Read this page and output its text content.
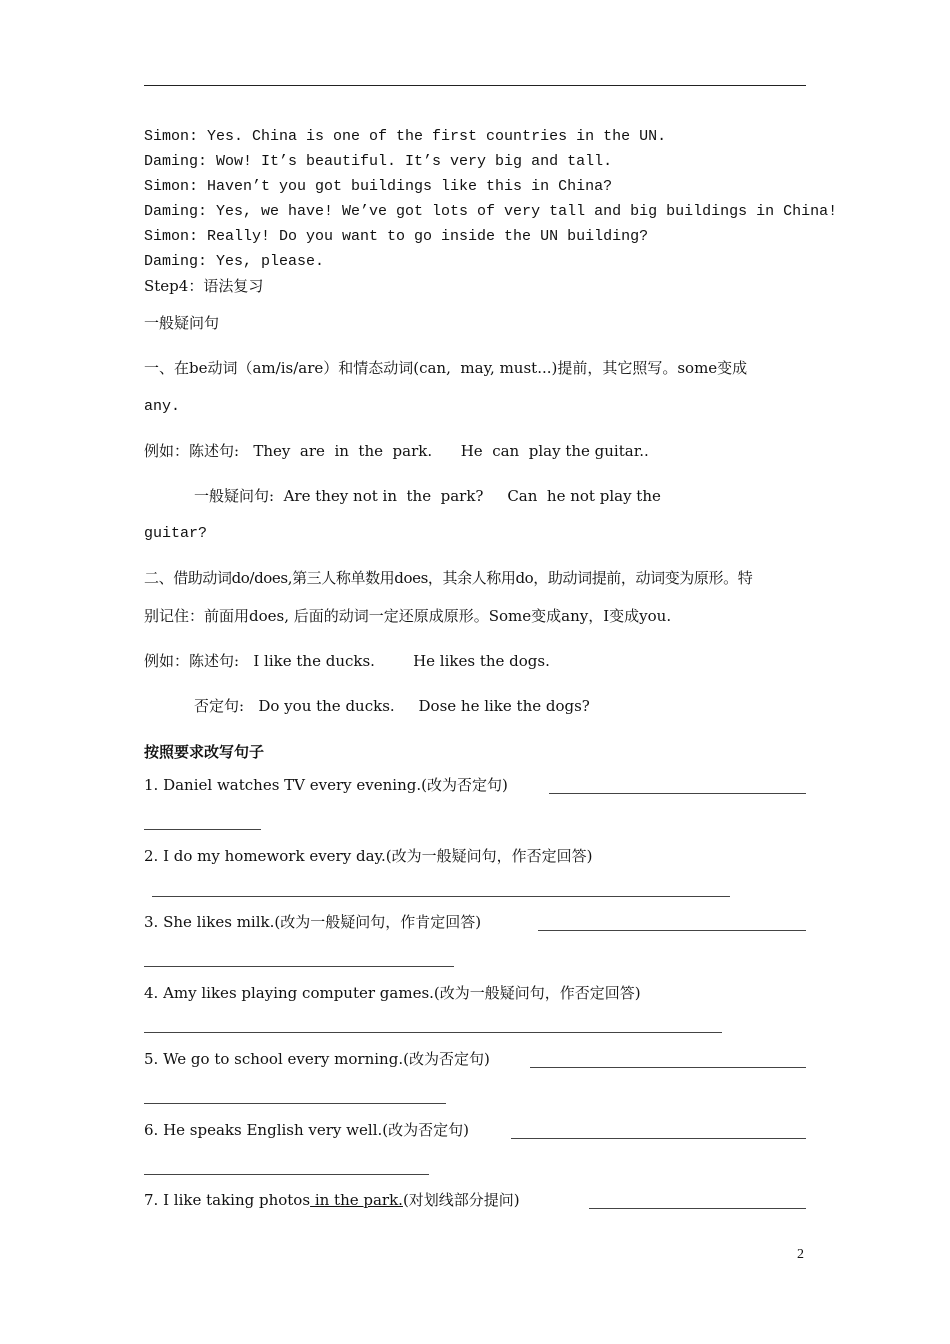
Simon: Yes. China is one of the first countries in the UN.
Daming: Wow! It’s beautiful. It’s very big and tall.
Simon: Haven’t you got buildings like this in China?
Daming: Yes, we have! We’ve got lots of very tall and big buildings in China!
Simon: Really! Do you want to go inside the UN building?
Daming: Yes, please.
Step4：语法复习
一般疑问句
一、在be动词（am/is/are）和情态动词(can,  may, must...)提前，其它照写。some变成
any.
例如：陈述句:   They  are  in  the  park.      He  can  play the guitar..
一般疑问句:  Are they not in  the  park?     Can  he not play the
guitar?
二、借助动词do/does,第三人称单数用does，其余人称用do，助动词提前，动词变为原形。特
别记住：前面用does, 后面的动词一定还原成原形。Some变成any，I变成you.
例如：陈述句:   I like the ducks.        He likes the dogs.
否定句:   Do you the ducks.     Dose he like the dogs?
按照要求改写句子
1. Daniel watches TV every evening.(改为否定句)
2. I do my homework every day.(改为一般疑问句，作否定回答)
3. She likes milk.(改为一般疑问句，作肯定回答)
4. Amy likes playing computer games.(改为一般疑问句，作否定回答)
5. We go to school every morning.(改为否定句)
6. He speaks English very well.(改为否定句)
7. I like taking photos in the park.(对划线部分提问)
2
